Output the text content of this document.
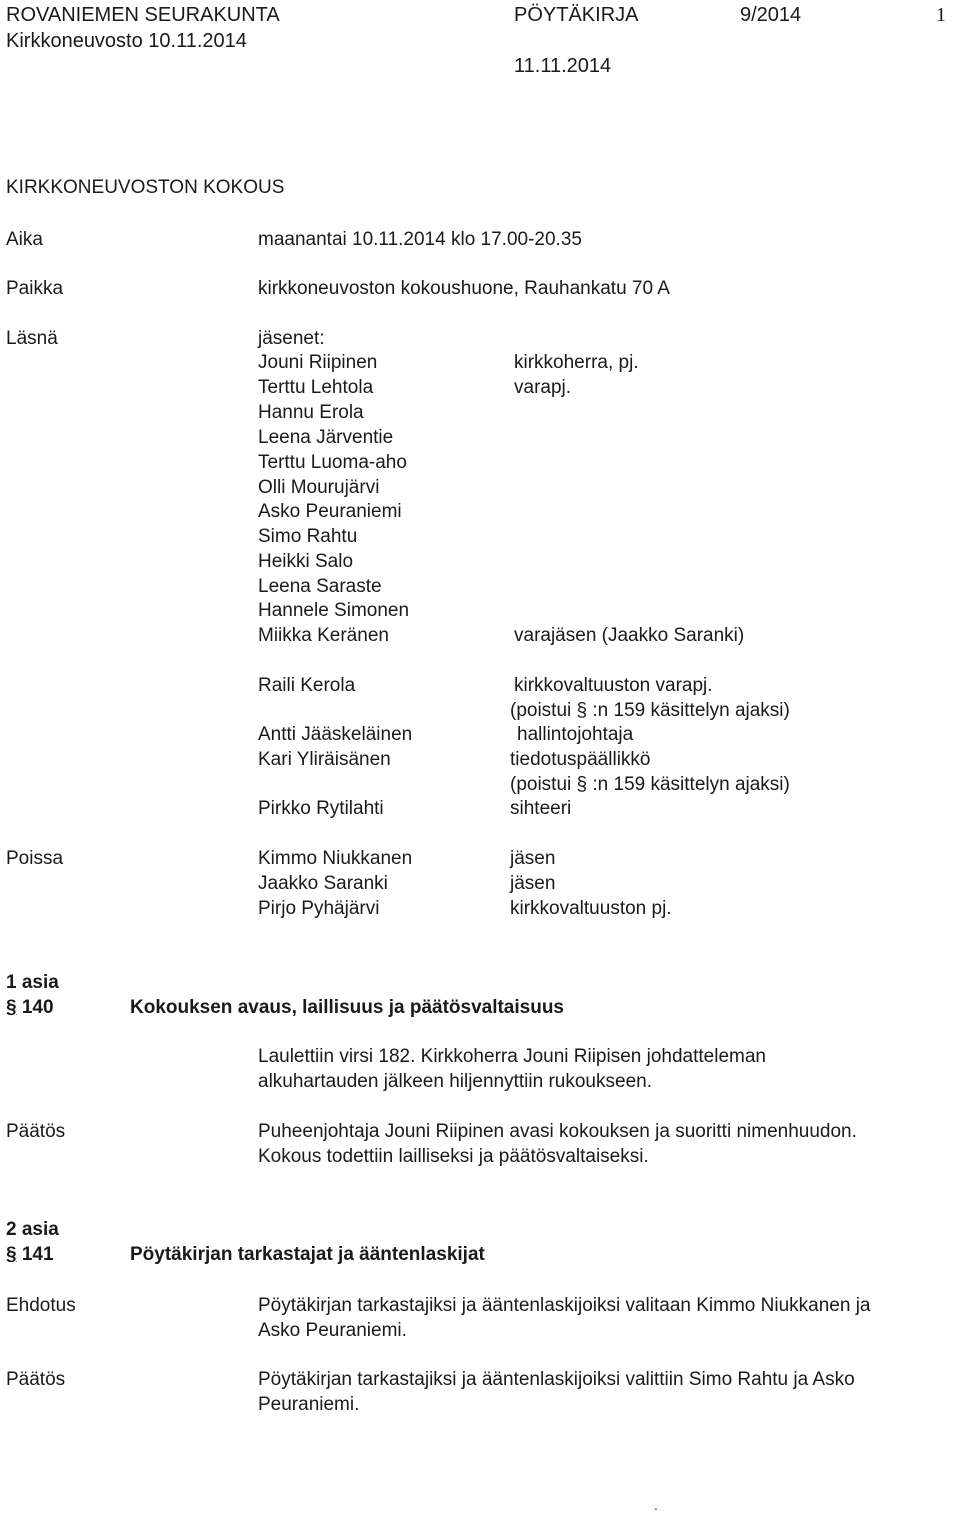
ROVANIEMEN SEURAKUNTA
Kirkkoneuvosto 10.11.2014
PÖYTÄKIRJA	9/2014	1
11.11.2014
KIRKKONEUVOSTON KOKOUS
Aika	maanantai 10.11.2014 klo 17.00-20.35
Paikka	kirkkoneuvoston kokoushuone, Rauhankatu 70 A
Läsnä	jäsenet:
Jouni Riipinen	kirkkoherra, pj.
Terttu Lehtola	varapj.
Hannu Erola
Leena Järventie
Terttu Luoma-aho
Olli Mourujärvi
Asko Peuraniemi
Simo Rahtu
Heikki Salo
Leena Saraste
Hannele Simonen
Miikka Keränen	varajäsen (Jaakko Saranki)
Raili Kerola	kirkkovaltuuston varapj.
(poistui § :n 159 käsittelyn ajaksi)
Antti Jääskeläinen	hallintojohtaja
Kari Yliräisänen	tiedotuspäällikkö
(poistui § :n 159 käsittelyn ajaksi)
Pirkko Rytilahti	sihteeri
Poissa	Kimmo Niukkanen	jäsen
Jaakko Saranki	jäsen
Pirjo Pyhäjärvi	kirkkovaltuuston pj.
1 asia
§ 140	Kokouksen avaus, laillisuus ja päätösvaltaisuus
Laulettiin virsi 182. Kirkkoherra Jouni Riipisen johdatteleman
alkuhartauden jälkeen hiljennyttiin rukoukseen.
Päätös	Puheenjohtaja Jouni Riipinen avasi kokouksen ja suoritti nimenhuudon.
Kokous todettiin lailliseksi ja päätösvaltaiseksi.
2 asia
§ 141	Pöytäkirjan tarkastajat ja ääntenlaskijat
Ehdotus	Pöytäkirjan tarkastajiksi ja ääntenlaskijoiksi valitaan Kimmo Niukkanen ja
Asko Peuraniemi.
Päätös	Pöytäkirjan tarkastajiksi ja ääntenlaskijoiksi valittiin Simo Rahtu ja Asko
Peuraniemi.
.
